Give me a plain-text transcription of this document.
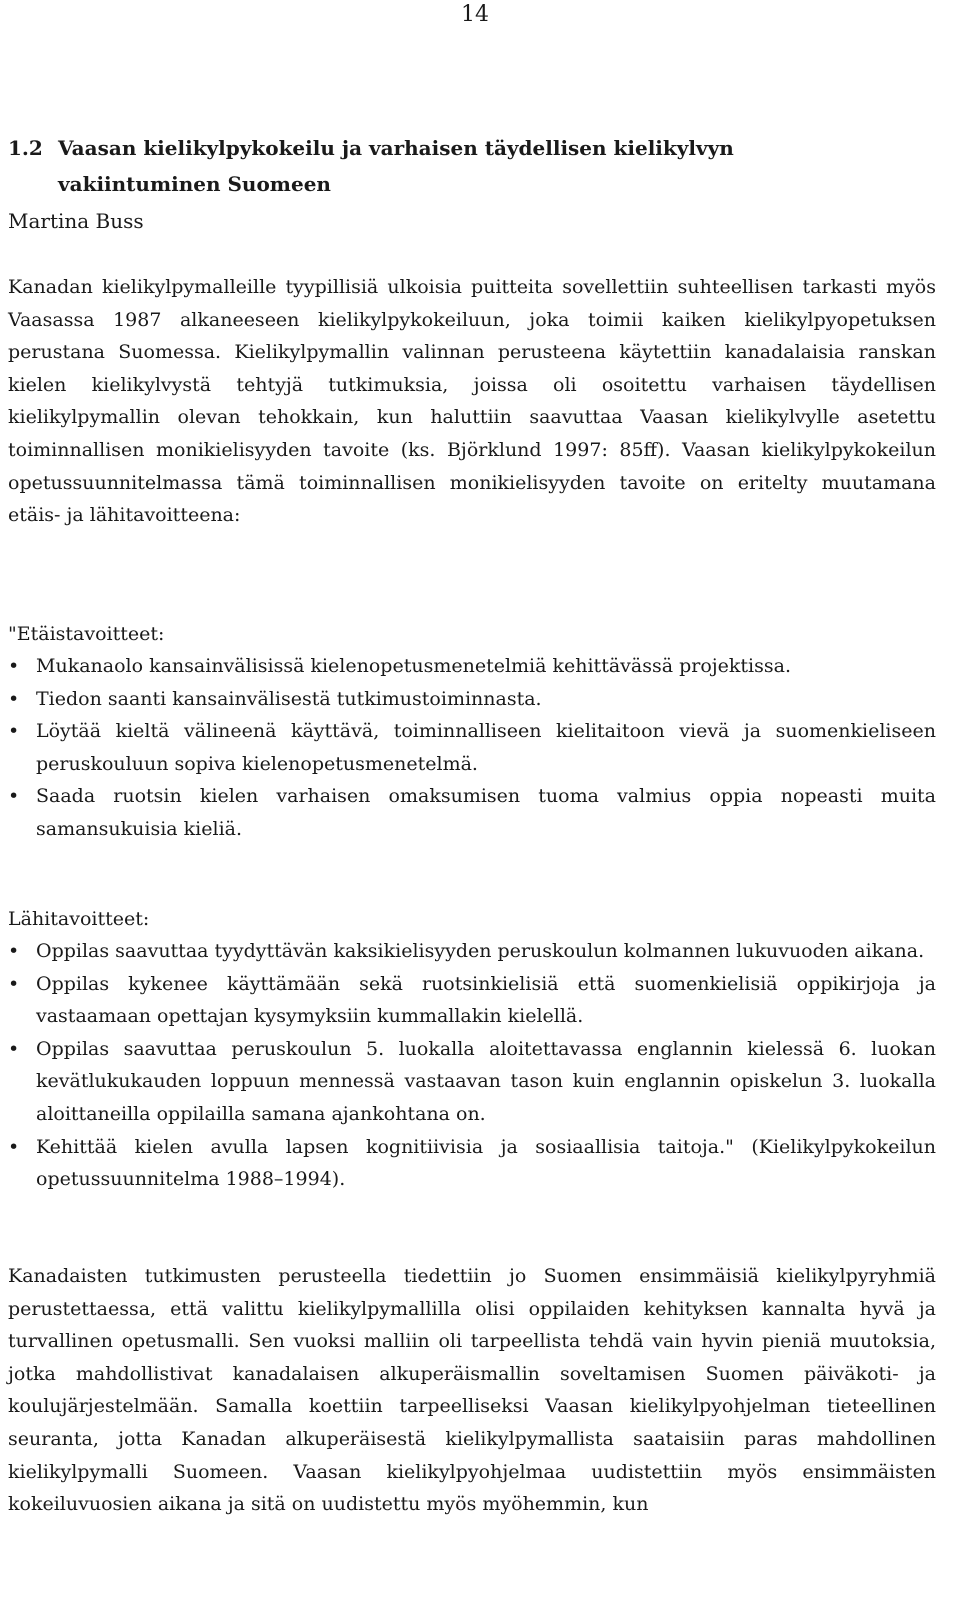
14
1.2 Vaasan kielikylpykokeilu ja varhaisen täydellisen kielikylvyn
vakiintuminen Suomeen
Martina Buss
Kanadan kielikylpymalleille tyypillisiä ulkoisia puitteita sovellettiin suhteellisen tarkasti myös Vaasassa 1987 alkaneeseen kielikylpykokeiluun, joka toimii kaiken kielikylpyopetuksen perustana Suomessa. Kielikylpymallin valinnan perusteena käytettiin kanadalaisia ranskan kielen kielikylvystä tehtyjä tutkimuksia, joissa oli osoitettu varhaisen täydellisen kielikylpymallin olevan tehokkain, kun haluttiin saavuttaa Vaasan kielikylvylle asetettu toiminnallisen monikielisyyden tavoite (ks. Björklund 1997: 85ff). Vaasan kielikylpykokeilun opetussuunnitelmassa tämä toiminnallisen monikielisyyden tavoite on eritelty muutamana etäis- ja lähitavoitteena:
"Etäistavoitteet:
• Mukanaolo kansainvälisissä kielenopetusmenetelmiä kehittävässä projektissa.
• Tiedon saanti kansainvälisestä tutkimustoiminnasta.
• Löytää kieltä välineenä käyttävä, toiminnalliseen kielitaitoon vievä ja suomenkieliseen peruskouluun sopiva kielenopetusmenetelmä.
• Saada ruotsin kielen varhaisen omaksumisen tuoma valmius oppia nopeasti muita samansukuisia kieliä.
Lähitavoitteet:
• Oppilas saavuttaa tyydyttävän kaksikielisyyden peruskoulun kolmannen lukuvuoden aikana.
• Oppilas kykenee käyttämään sekä ruotsinkielisiä että suomenkielisiä oppikirjoja ja vastaamaan opettajan kysymyksiin kummallakin kielellä.
• Oppilas saavuttaa peruskoulun 5. luokalla aloitettavassa englannin kielessä 6. luokan kevätlukukauden loppuun mennessä vastaavan tason kuin englannin opiskelun 3. luokalla aloittaneilla oppilailla samana ajankohtana on.
• Kehittää kielen avulla lapsen kognitiivisia ja sosiaallisia taitoja." (Kielikylpykokeilun opetussuunnitelma 1988–1994).
Kanadaisten tutkimusten perusteella tiedettiin jo Suomen ensimmäisiä kielikylpyryhmiä perustettaessa, että valittu kielikylpymallilla olisi oppilaiden kehityksen kannalta hyvä ja turvallinen opetusmalli. Sen vuoksi malliin oli tarpeellista tehdä vain hyvin pieniä muutoksia, jotka mahdollistivat kanadalaisen alkuperäismallin soveltamisen Suomen päiväkoti- ja koulujärjestelmään. Samalla koettiin tarpeelliseksi Vaasan kielikylpyohjelman tieteellinen seuranta, jotta Kanadan alkuperäisestä kielikylpymallista saataisiin paras mahdollinen kielikylpymalli Suomeen. Vaasan kielikylpyohjelmaa uudistettiin myös ensimmäisten kokeiluvuosien aikana ja sitä on uudistettu myös myöhemmin, kun
